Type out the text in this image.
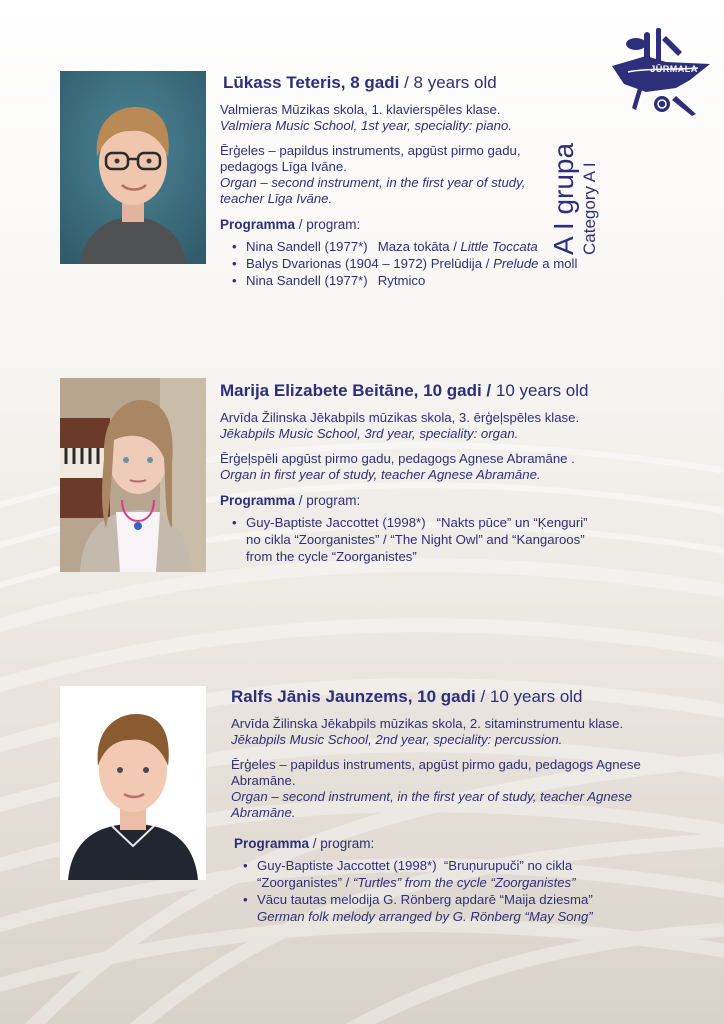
JŪRMALA
A I grupa Category A I
Lūkass Teteris, 8 gadi / 8 years old

Valmieras Mūzikas skola, 1. klavierspēles klase.

Valmiera Music School, 1st year, speciality: piano.

Ērģeles – papildus instruments, apgūst pirmo gadu, pedagogs Līga Ivāne.

Organ – second instrument, in the first year of study, teacher Līga Ivāne.

Programma / program:
• Nina Sandell (1977*) Maza tokāta / Little Toccata
• Balys Dvarionas (1904 – 1972) Prelūdija / Prelude a moll
• Nina Sandell (1977*) Rytmico
Marija Elizabete Beitāne, 10 gadi / 10 years old

Arvīda Žilinska Jēkabpils mūzikas skola, 3. ērģeļspēles klase.

Jēkabpils Music School, 3rd year, speciality: organ.

Ērģeļspēli apgūst pirmo gadu, pedagogs Agnese Abramāne .

Organ in first year of study, teacher Agnese Abramāne.

Programma / program:
• Guy-Baptiste Jaccottet (1998*)   “Nakts pūce” un “Ķenguri”
no cikla “Zoorganistes” / “The Night Owl” and “Kangaroos”
from the cycle “Zoorganistes”
Ralfs Jānis Jaunzems, 10 gadi / 10 years old

Arvīda Žilinska Jēkabpils mūzikas skola, 2. sitaminstrumentu klase.

Jēkabpils Music School, 2nd year, speciality: percussion.

Ērģeles – papildus instruments, apgūst pirmo gadu, pedagogs Agnese Abramāne.

Organ – second instrument, in the first year of study, teacher Agnese Abramāne.

Programma / program:
• Guy-Baptiste Jaccottet (1998*)  “Bruņurupuči” no cikla
“Zoorganistes” / “Turtles” from the cycle “Zoorganistes”
• Vācu tautas melodija G. Rönberg apdarē “Maija dziesma”
German folk melody arranged by G. Rönberg “May Song”
